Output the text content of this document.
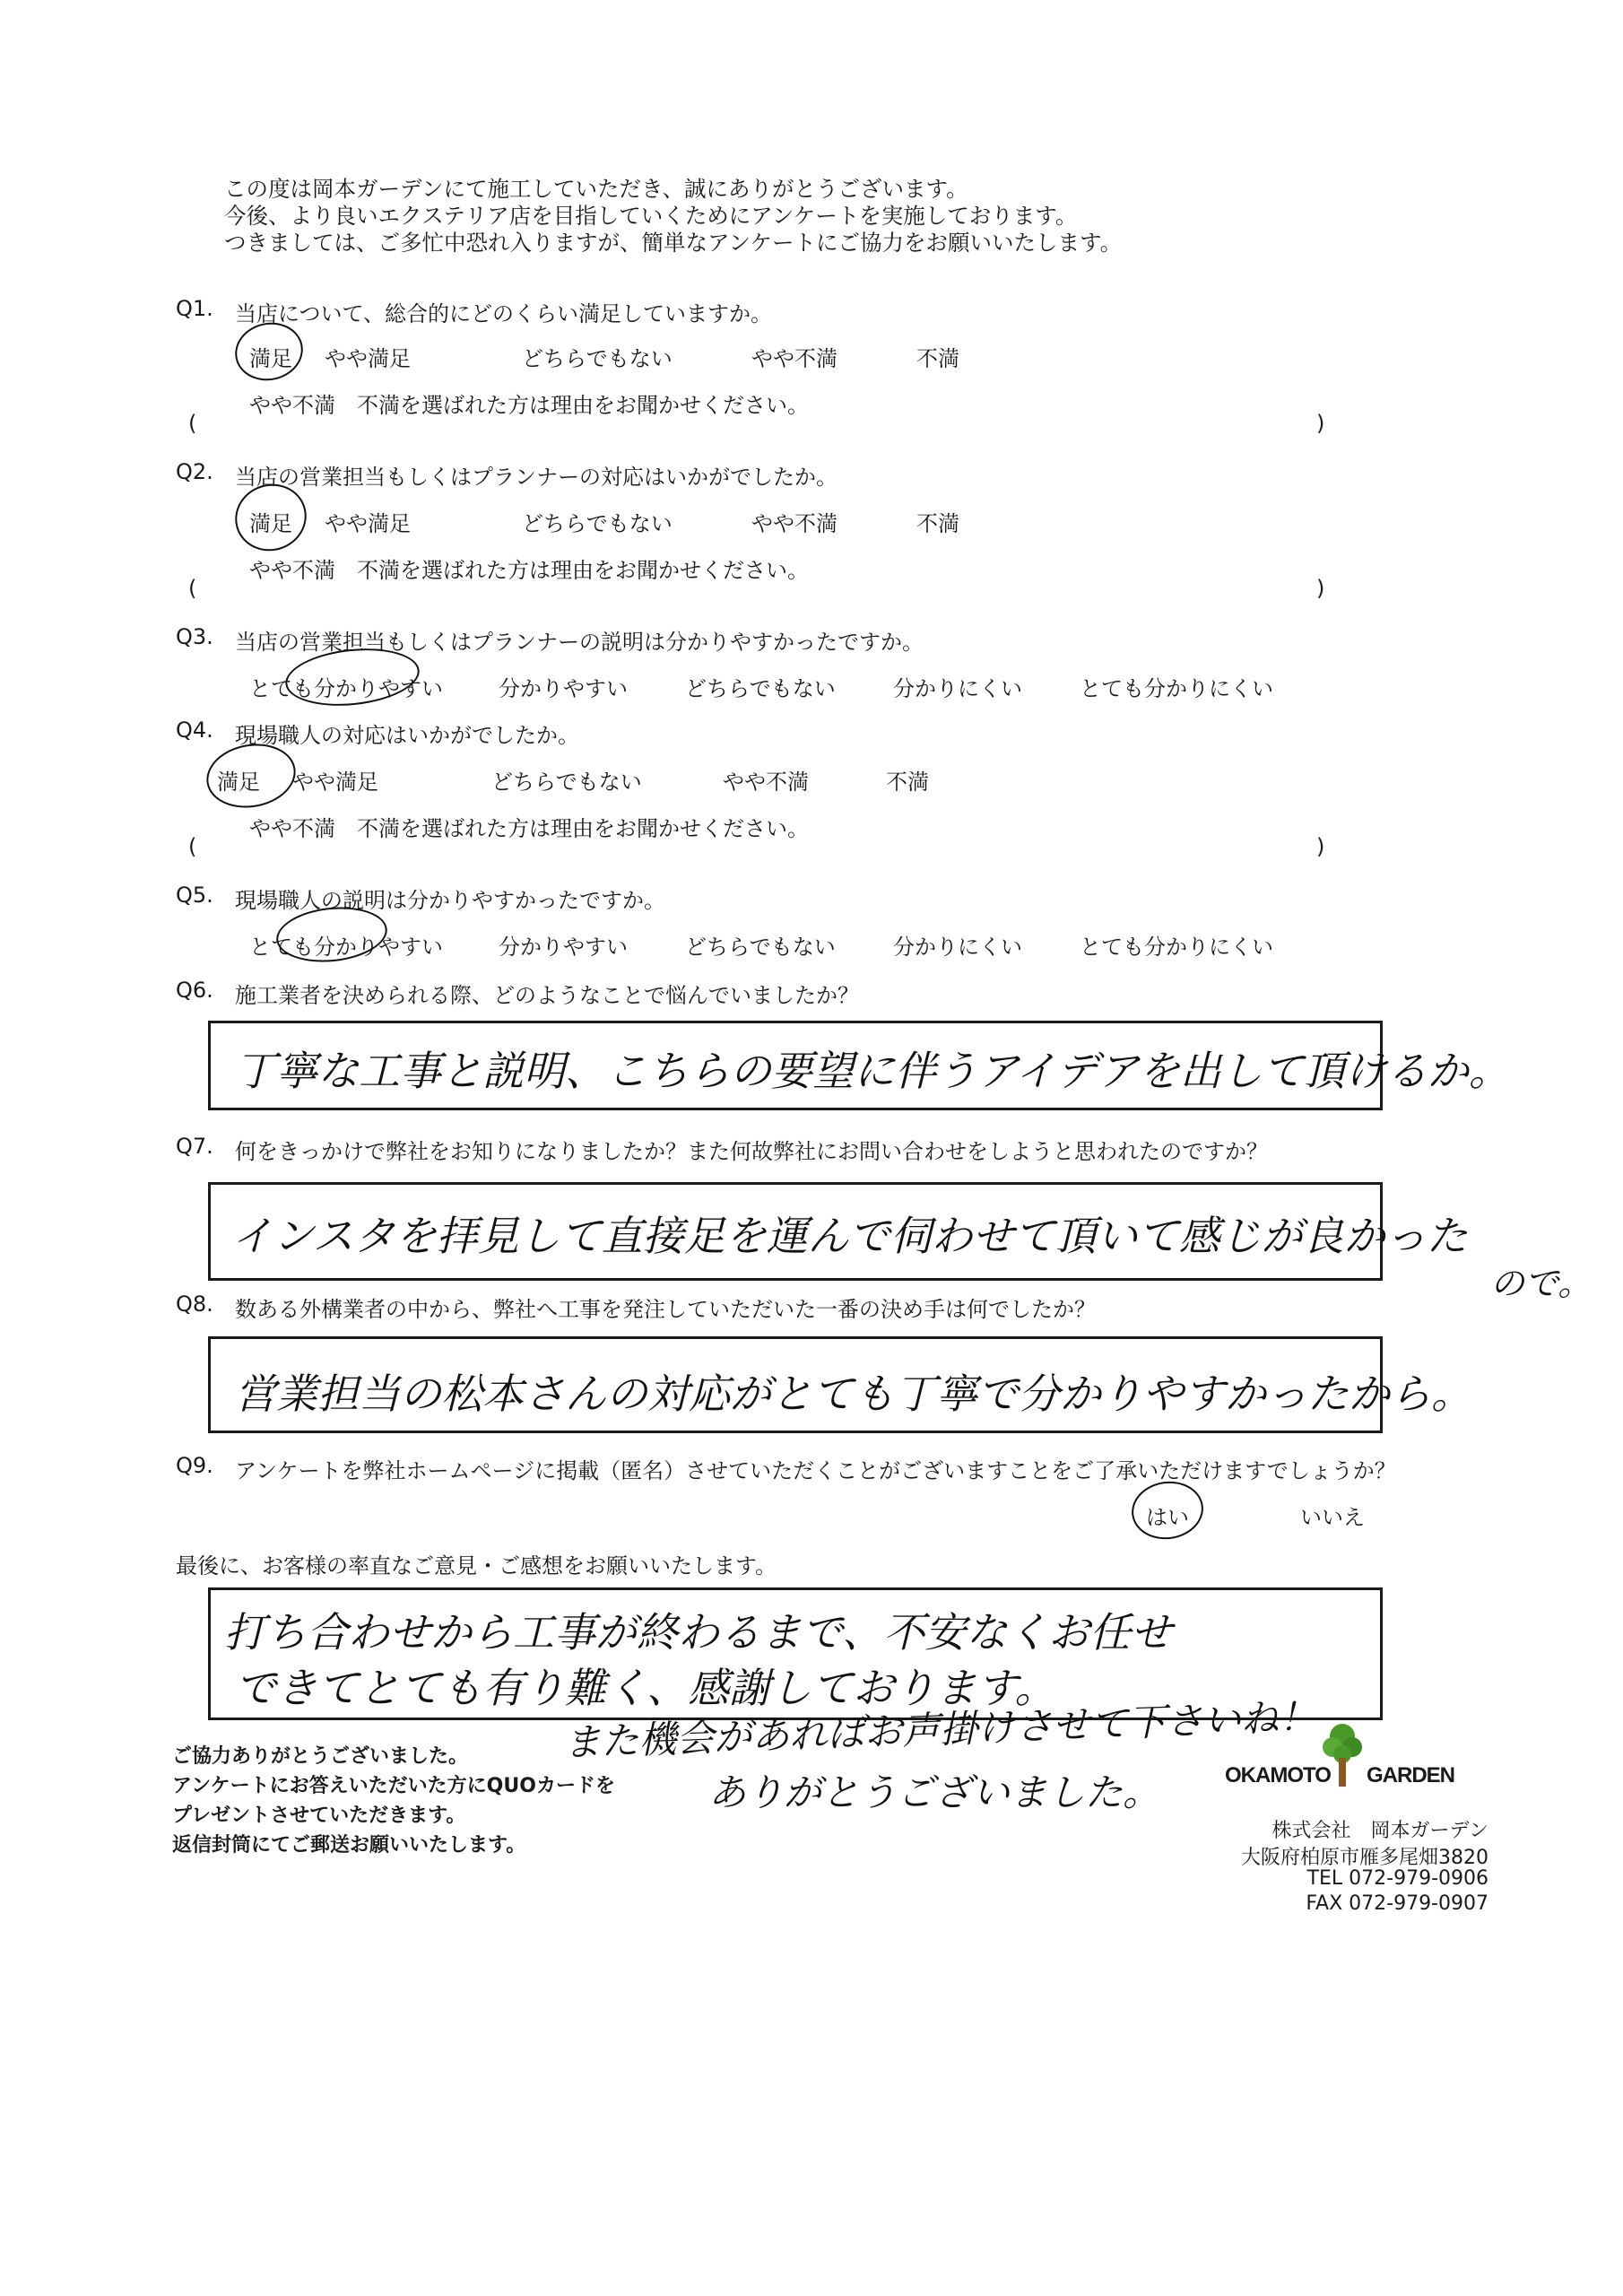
この度は岡本ガーデンにて施工していただき、誠にありがとうございます。
今後、より良いエクステリア店を目指していくためにアンケートを実施しております。
つきましては、ご多忙中恐れ入りますが、簡単なアンケートにご協力をお願いいたします。
Q1. 当店について、総合的にどのくらい満足していますか。
満足 やや満足	どちらでもない	やや不満	不満
やや不満　不満を選ばれた方は理由をお聞かせください。
(	)
Q2. 当店の営業担当もしくはプランナーの対応はいかがでしたか。
満足 やや満足	どちらでもない	やや不満	不満
やや不満　不満を選ばれた方は理由をお聞かせください。
(	)
Q3. 当店の営業担当もしくはプランナーの説明は分かりやすかったですか。
とても分かりやすい	分かりやすい	どちらでもない	分かりにくい	とても分かりにくい
Q4. 現場職人の対応はいかがでしたか。
満足 やや満足	どちらでもない	やや不満	不満
やや不満　不満を選ばれた方は理由をお聞かせください。
(	)
Q5. 現場職人の説明は分かりやすかったですか。
とても分かりやすい	分かりやすい	どちらでもない	分かりにくい	とても分かりにくい
Q6. 施工業者を決められる際、どのようなことで悩んでいましたか？
丁寧な工事と説明、こちらの要望に伴うアイデアを出して頂けるか。
Q7. 何をきっかけで弊社をお知りになりましたか？また何故弊社にお問い合わせをしようと思われたのですか？
インスタを拝見して直接足を運んで伺わせて頂いて感じが良かった
ので。
Q8. 数ある外構業者の中から、弊社へ工事を発注していただいた一番の決め手は何でしたか？
営業担当の松本さんの対応がとても丁寧で分かりやすかったから。
Q9. アンケートを弊社ホームページに掲載（匿名）させていただくことがございますことをご了承いただけますでしょうか？
はい	いいえ
最後に、お客様の率直なご意見・ご感想をお願いいたします。
打ち合わせから工事が終わるまで、不安なくお任せ
できてとても有り難く、感謝しております。
また機会があればお声掛けさせて下さいね！
ありがとうございました。
ご協力ありがとうございました。
アンケートにお答えいただいた方にQUOカードを
プレゼントさせていただきます。
返信封筒にてご郵送お願いいたします。
OKAMOTO GARDEN
株式会社　岡本ガーデン
大阪府柏原市雁多尾畑3820
TEL 072-979-0906
FAX 072-979-0907
